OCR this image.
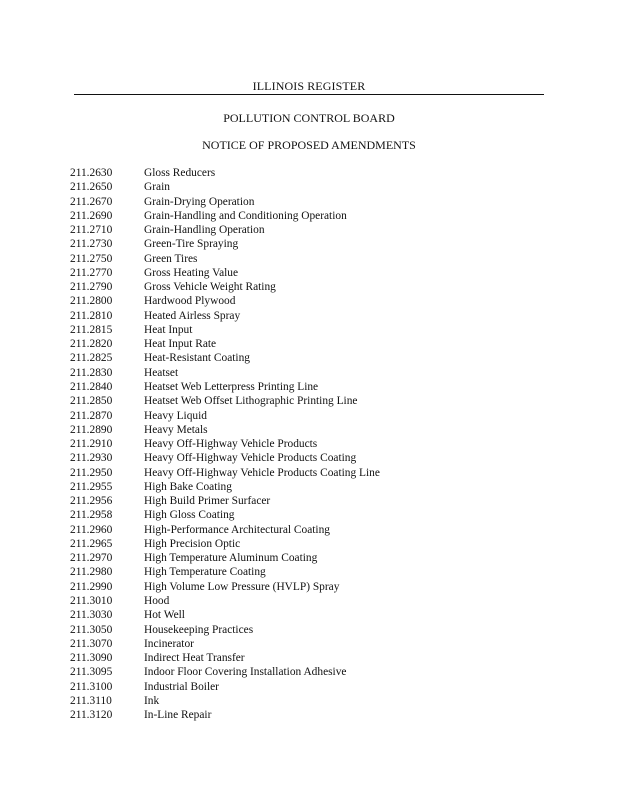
ILLINOIS REGISTER
POLLUTION CONTROL BOARD
NOTICE OF PROPOSED AMENDMENTS
211.2630	Gloss Reducers
211.2650	Grain
211.2670	Grain-Drying Operation
211.2690	Grain-Handling and Conditioning Operation
211.2710	Grain-Handling Operation
211.2730	Green-Tire Spraying
211.2750	Green Tires
211.2770	Gross Heating Value
211.2790	Gross Vehicle Weight Rating
211.2800	Hardwood Plywood
211.2810	Heated Airless Spray
211.2815	Heat Input
211.2820	Heat Input Rate
211.2825	Heat-Resistant Coating
211.2830	Heatset
211.2840	Heatset Web Letterpress Printing Line
211.2850	Heatset Web Offset Lithographic Printing Line
211.2870	Heavy Liquid
211.2890	Heavy Metals
211.2910	Heavy Off-Highway Vehicle Products
211.2930	Heavy Off-Highway Vehicle Products Coating
211.2950	Heavy Off-Highway Vehicle Products Coating Line
211.2955	High Bake Coating
211.2956	High Build Primer Surfacer
211.2958	High Gloss Coating
211.2960	High-Performance Architectural Coating
211.2965	High Precision Optic
211.2970	High Temperature Aluminum Coating
211.2980	High Temperature Coating
211.2990	High Volume Low Pressure (HVLP) Spray
211.3010	Hood
211.3030	Hot Well
211.3050	Housekeeping Practices
211.3070	Incinerator
211.3090	Indirect Heat Transfer
211.3095	Indoor Floor Covering Installation Adhesive
211.3100	Industrial Boiler
211.3110	Ink
211.3120	In-Line Repair
